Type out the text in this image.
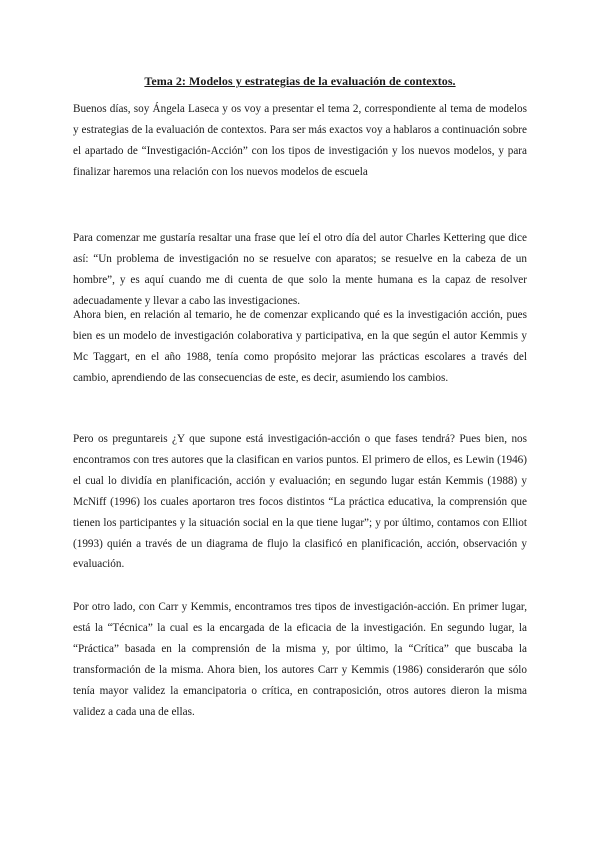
Tema 2: Modelos y estrategias de la evaluación de contextos.

Buenos días, soy Ángela Laseca y os voy a presentar el tema 2, correspondiente al tema de modelos y estrategias de la evaluación de contextos. Para ser más exactos voy a hablaros a continuación sobre el apartado de “Investigación-Acción” con los tipos de investigación y los nuevos modelos, y para finalizar haremos una relación con los nuevos modelos de escuela

Para comenzar me gustaría resaltar una frase que leí el otro día del autor Charles Kettering que dice así: “Un problema de investigación no se resuelve con aparatos; se resuelve en la cabeza de un hombre”, y es aquí cuando me di cuenta de que solo la mente humana es la capaz de resolver adecuadamente y llevar a cabo las investigaciones.

Ahora bien, en relación al temario, he de comenzar explicando qué es la investigación acción, pues bien es un modelo de investigación colaborativa y participativa, en la que según el autor Kemmis y Mc Taggart, en el año 1988, tenía como propósito mejorar las prácticas escolares a través del cambio, aprendiendo de las consecuencias de este, es decir, asumiendo los cambios.

Pero os preguntareis ¿Y que supone está investigación-acción o que fases tendrá? Pues bien, nos encontramos con tres autores que la clasifican en varios puntos. El primero de ellos, es Lewin (1946) el cual lo dividía en planificación, acción y evaluación; en segundo lugar están Kemmis (1988) y McNiff (1996) los cuales aportaron tres focos distintos “La práctica educativa, la comprensión que tienen los participantes y la situación social en la que tiene lugar”; y por último, contamos con Elliot (1993) quién a través de un diagrama de flujo la clasificó en planificación, acción, observación y evaluación.

Por otro lado, con Carr y Kemmis, encontramos tres tipos de investigación-acción. En primer lugar, está la “Técnica” la cual es la encargada de la eficacia de la investigación. En segundo lugar, la “Práctica” basada en la comprensión de la misma y, por último, la “Crítica” que buscaba la transformación de la misma. Ahora bien, los autores Carr y Kemmis (1986) considerarón que sólo tenía mayor validez la emancipatoria o crítica, en contraposición, otros autores dieron la misma validez a cada una de ellas.
